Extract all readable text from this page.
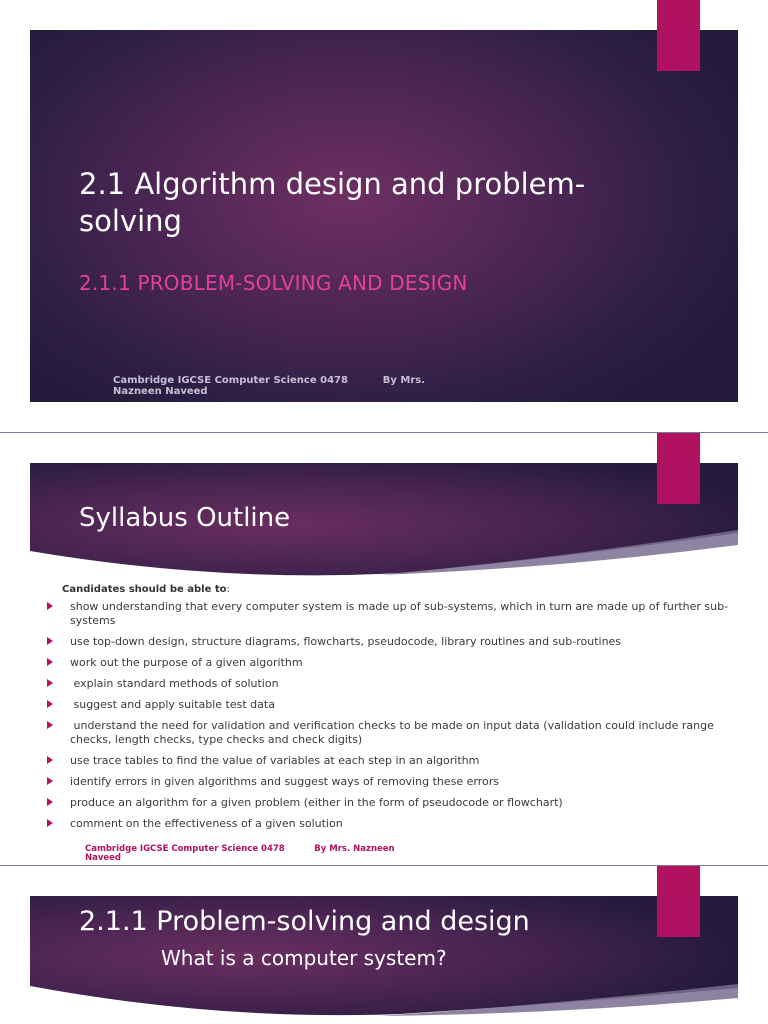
2.1 Algorithm design and problem-solving
2.1.1 PROBLEM-SOLVING AND DESIGN
Cambridge IGCSE Computer Science 0478          By Mrs.
Nazneen Naveed
Syllabus Outline
Candidates should be able to:
show understanding that every computer system is made up of sub-systems, which in turn are made up of further sub-systems
use top-down design, structure diagrams, flowcharts, pseudocode, library routines and sub-routines
work out the purpose of a given algorithm
explain standard methods of solution
suggest and apply suitable test data
understand the need for validation and verification checks to be made on input data (validation could include range checks, length checks, type checks and check digits)
use trace tables to find the value of variables at each step in an algorithm
identify errors in given algorithms and suggest ways of removing these errors
produce an algorithm for a given problem (either in the form of pseudocode or flowchart)
comment on the effectiveness of a given solution
Cambridge IGCSE Computer Science 0478          By Mrs. Nazneen
Naveed
2.1.1 Problem-solving and design
What is a computer system?
